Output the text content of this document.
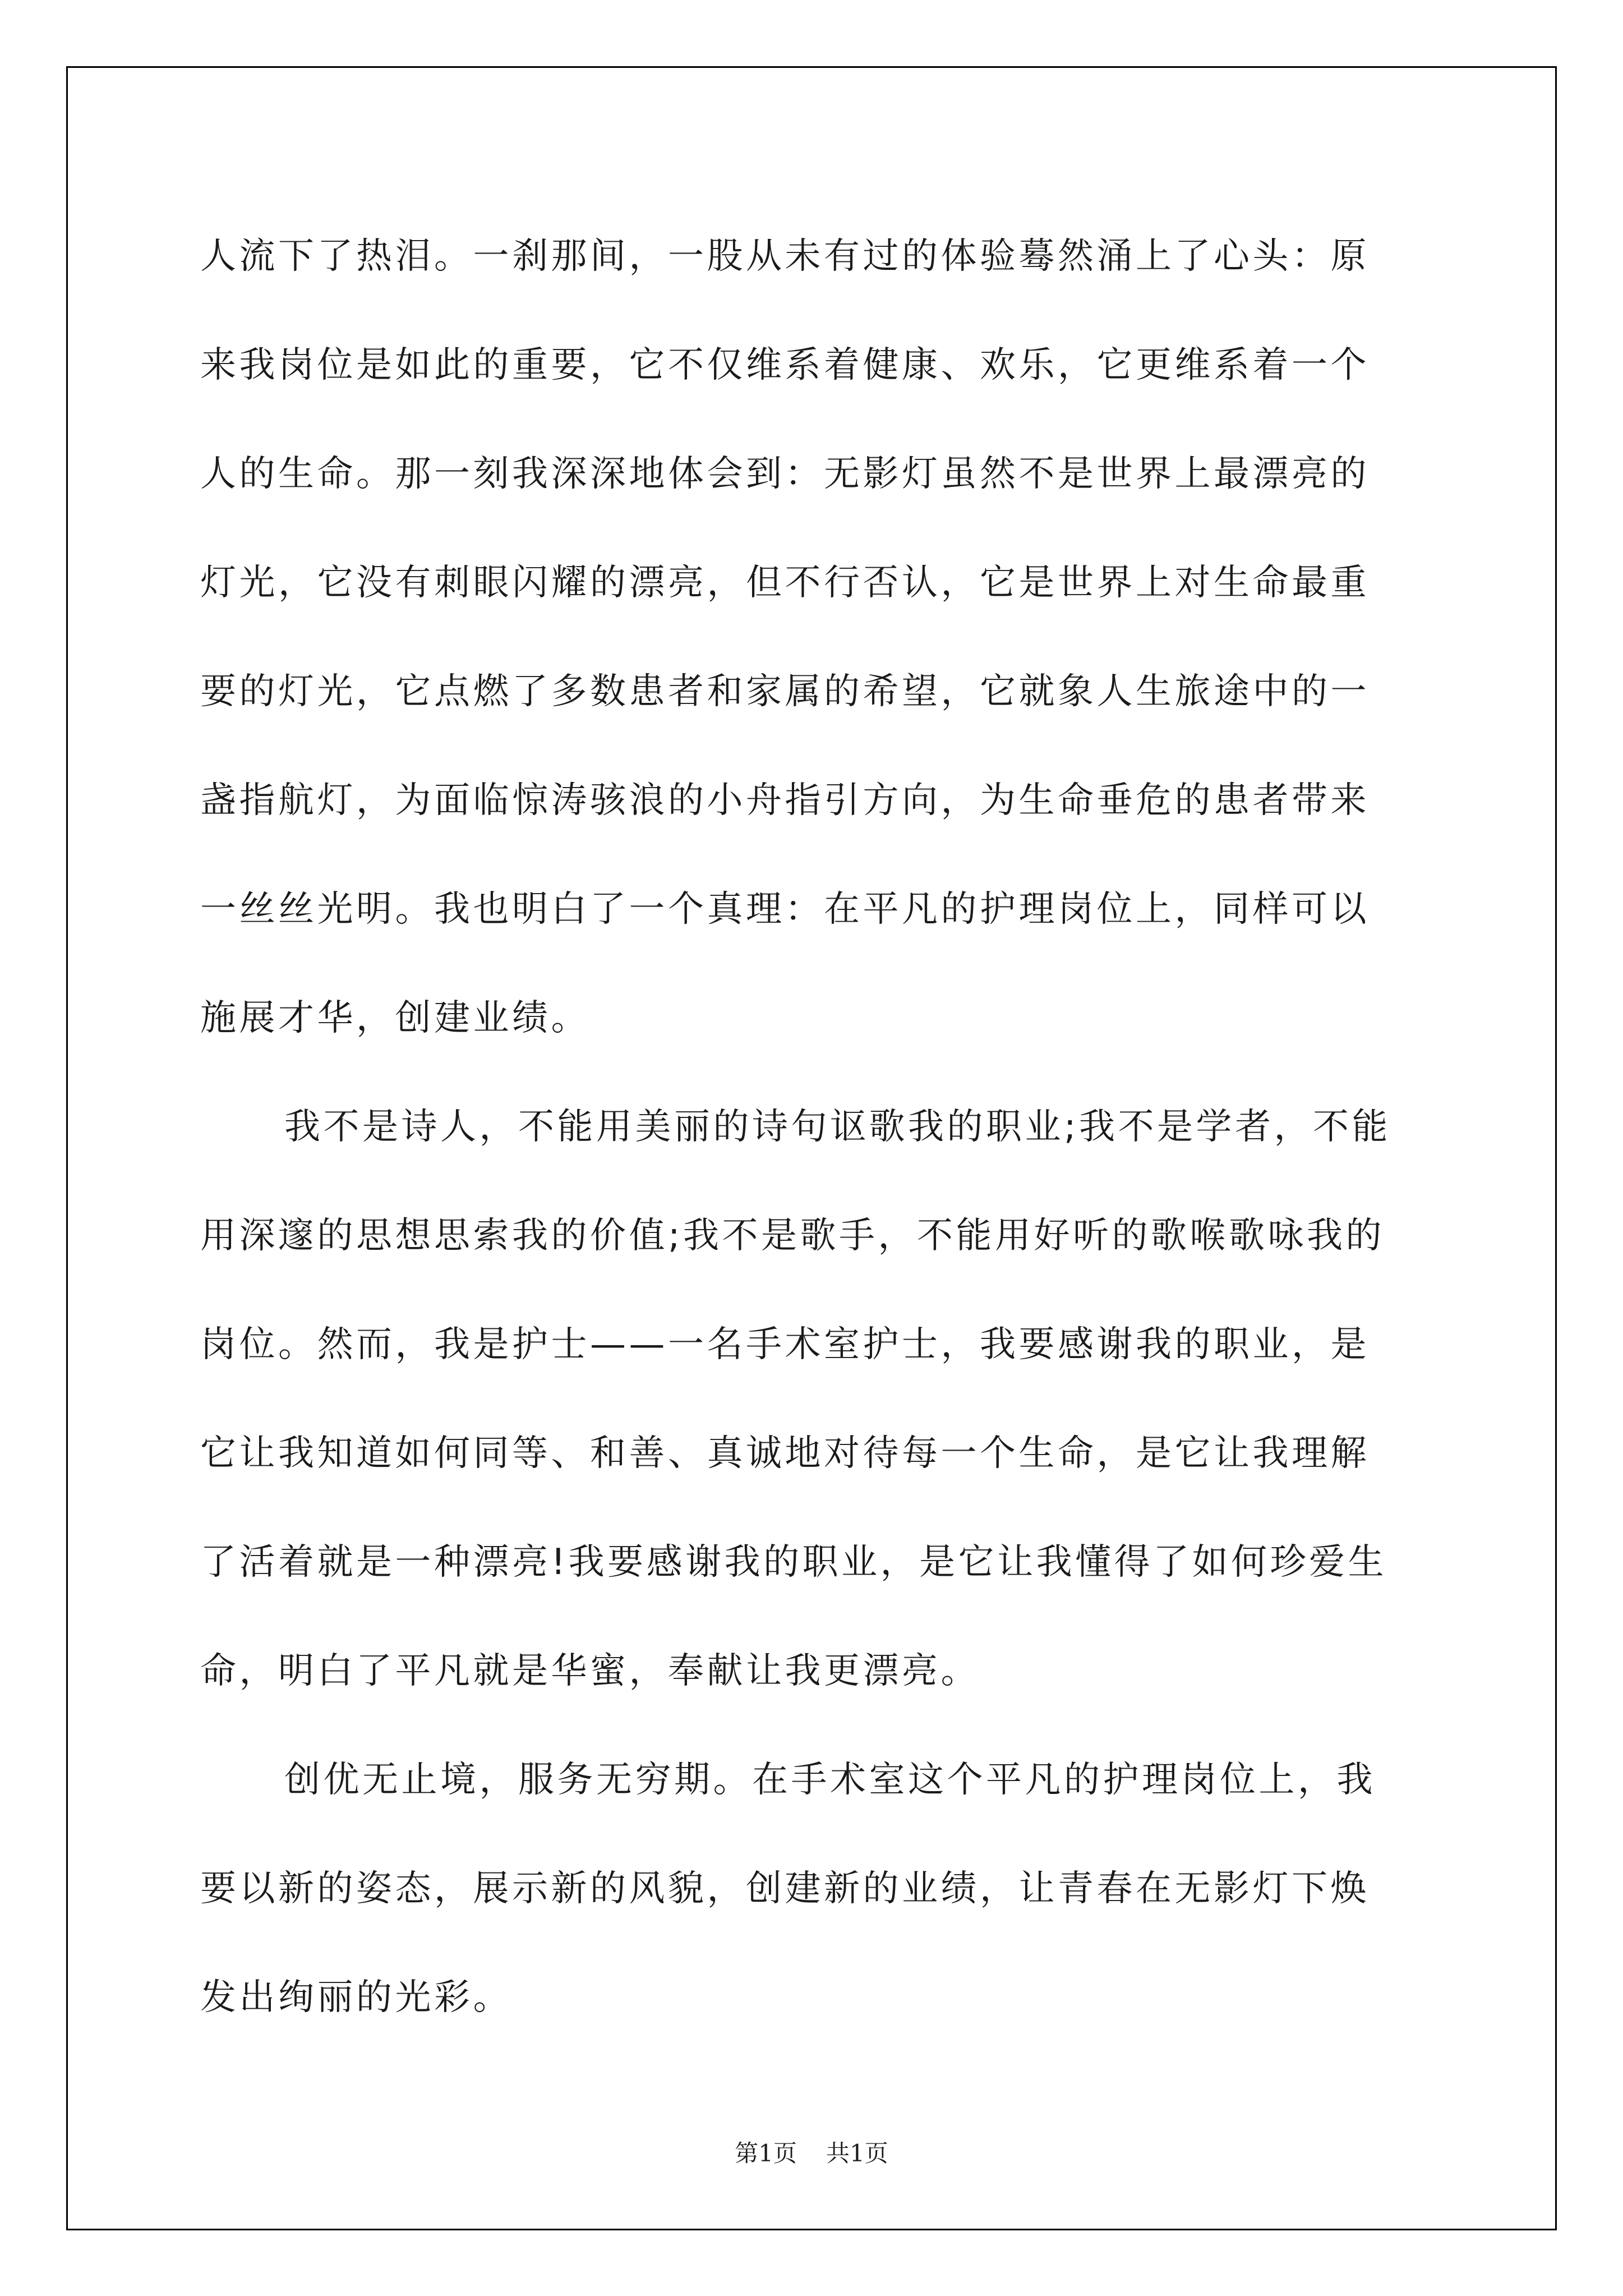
人流下了热泪。一刹那间，一股从未有过的体验蓦然涌上了心头：原
来我岗位是如此的重要，它不仅维系着健康、欢乐，它更维系着一个
人的生命。那一刻我深深地体会到：无影灯虽然不是世界上最漂亮的
灯光，它没有刺眼闪耀的漂亮，但不行否认，它是世界上对生命最重
要的灯光，它点燃了多数患者和家属的希望，它就象人生旅途中的一
盏指航灯，为面临惊涛骇浪的小舟指引方向，为生命垂危的患者带来
一丝丝光明。我也明白了一个真理：在平凡的护理岗位上，同样可以
施展才华，创建业绩。
我不是诗人，不能用美丽的诗句讴歌我的职业;我不是学者，不能
用深邃的思想思索我的价值;我不是歌手，不能用好听的歌喉歌咏我的
岗位。然而，我是护士——一名手术室护士，我要感谢我的职业，是
它让我知道如何同等、和善、真诚地对待每一个生命，是它让我理解
了活着就是一种漂亮!我要感谢我的职业，是它让我懂得了如何珍爱生
命，明白了平凡就是华蜜，奉献让我更漂亮。
创优无止境，服务无穷期。在手术室这个平凡的护理岗位上，我
要以新的姿态，展示新的风貌，创建新的业绩，让青春在无影灯下焕
发出绚丽的光彩。
第1页 共1页
